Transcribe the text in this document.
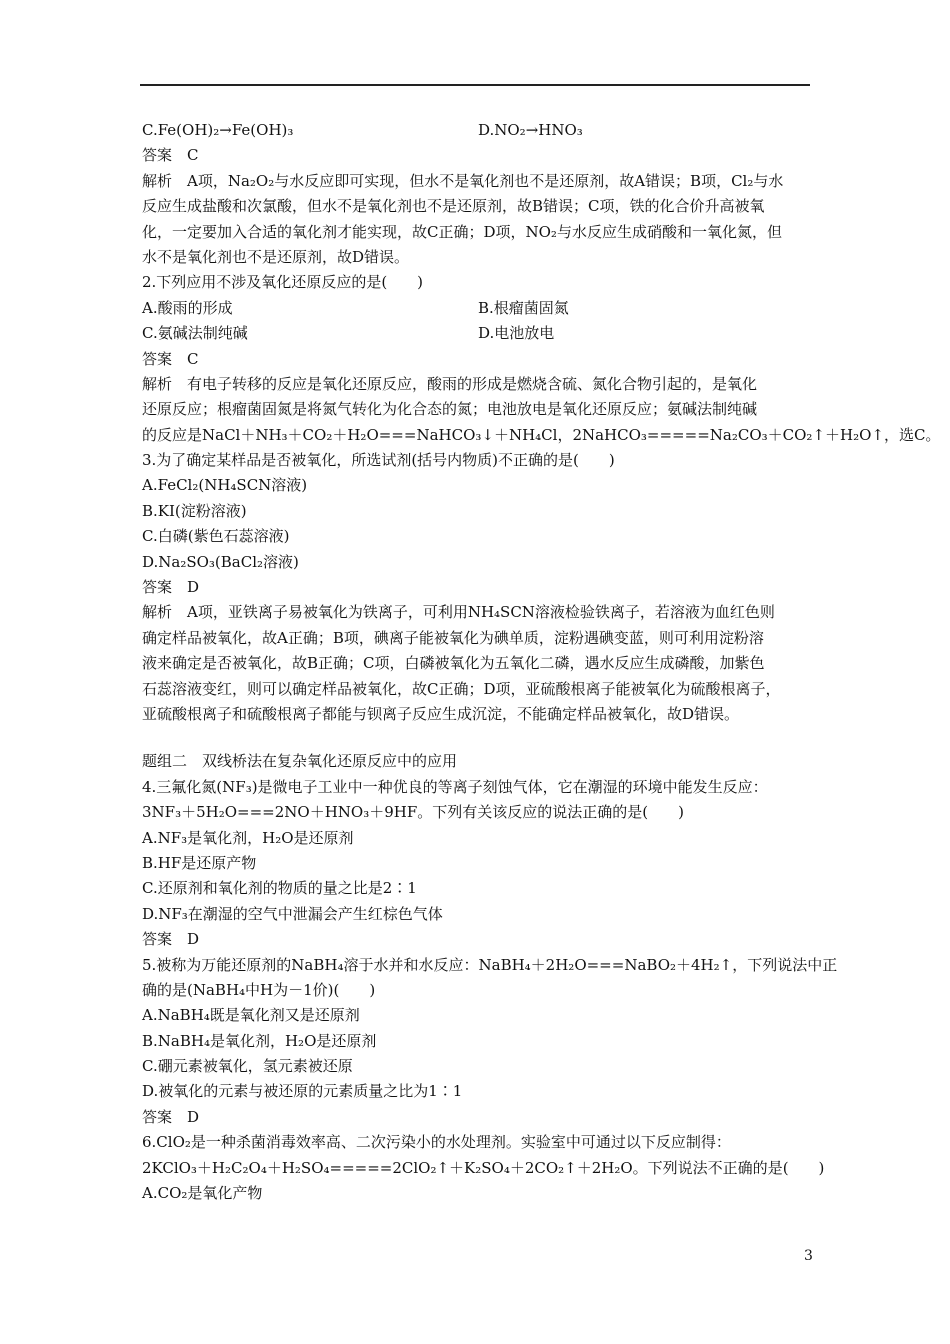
C.Fe(OH)₂→Fe(OH)₃	D.NO₂→HNO₃
答案　C
解析　A项，Na₂O₂与水反应即可实现，但水不是氧化剂也不是还原剂，故A错误；B项，Cl₂与水
反应生成盐酸和次氯酸，但水不是氧化剂也不是还原剂，故B错误；C项，铁的化合价升高被氧
化，一定要加入合适的氧化剂才能实现，故C正确；D项，NO₂与水反应生成硝酸和一氧化氮，但
水不是氧化剂也不是还原剂，故D错误。
2.下列应用不涉及氧化还原反应的是(　　)
A.酸雨的形成	B.根瘤菌固氮
C.氨碱法制纯碱	D.电池放电
答案　C
解析　有电子转移的反应是氧化还原反应，酸雨的形成是燃烧含硫、氮化合物引起的，是氧化
还原反应；根瘤菌固氮是将氮气转化为化合态的氮；电池放电是氧化还原反应；氨碱法制纯碱
的反应是NaCl＋NH₃＋CO₂＋H₂O===NaHCO₃↓＋NH₄Cl，2NaHCO₃=====Na₂CO₃＋CO₂↑＋H₂O↑，选C。
3.为了确定某样品是否被氧化，所选试剂(括号内物质)不正确的是(　　)
A.FeCl₂(NH₄SCN溶液)
B.KI(淀粉溶液)
C.白磷(紫色石蕊溶液)
D.Na₂SO₃(BaCl₂溶液)
答案　D
解析　A项，亚铁离子易被氧化为铁离子，可利用NH₄SCN溶液检验铁离子，若溶液为血红色则
确定样品被氧化，故A正确；B项，碘离子能被氧化为碘单质，淀粉遇碘变蓝，则可利用淀粉溶
液来确定是否被氧化，故B正确；C项，白磷被氧化为五氧化二磷，遇水反应生成磷酸，加紫色
石蕊溶液变红，则可以确定样品被氧化，故C正确；D项，亚硫酸根离子能被氧化为硫酸根离子，
亚硫酸根离子和硫酸根离子都能与钡离子反应生成沉淀，不能确定样品被氧化，故D错误。
题组二　双线桥法在复杂氧化还原反应中的应用
4.三氟化氮(NF₃)是微电子工业中一种优良的等离子刻蚀气体，它在潮湿的环境中能发生反应：
3NF₃＋5H₂O===2NO＋HNO₃＋9HF。下列有关该反应的说法正确的是(　　)
A.NF₃是氧化剂，H₂O是还原剂
B.HF是还原产物
C.还原剂和氧化剂的物质的量之比是2∶1
D.NF₃在潮湿的空气中泄漏会产生红棕色气体
答案　D
5.被称为万能还原剂的NaBH₄溶于水并和水反应：NaBH₄＋2H₂O===NaBO₂＋4H₂↑，下列说法中正
确的是(NaBH₄中H为－1价)(　　)
A.NaBH₄既是氧化剂又是还原剂
B.NaBH₄是氧化剂，H₂O是还原剂
C.硼元素被氧化，氢元素被还原
D.被氧化的元素与被还原的元素质量之比为1∶1
答案　D
6.ClO₂是一种杀菌消毒效率高、二次污染小的水处理剂。实验室中可通过以下反应制得：
2KClO₃＋H₂C₂O₄＋H₂SO₄=====2ClO₂↑＋K₂SO₄＋2CO₂↑＋2H₂O。下列说法不正确的是(　　)
A.CO₂是氧化产物
3
